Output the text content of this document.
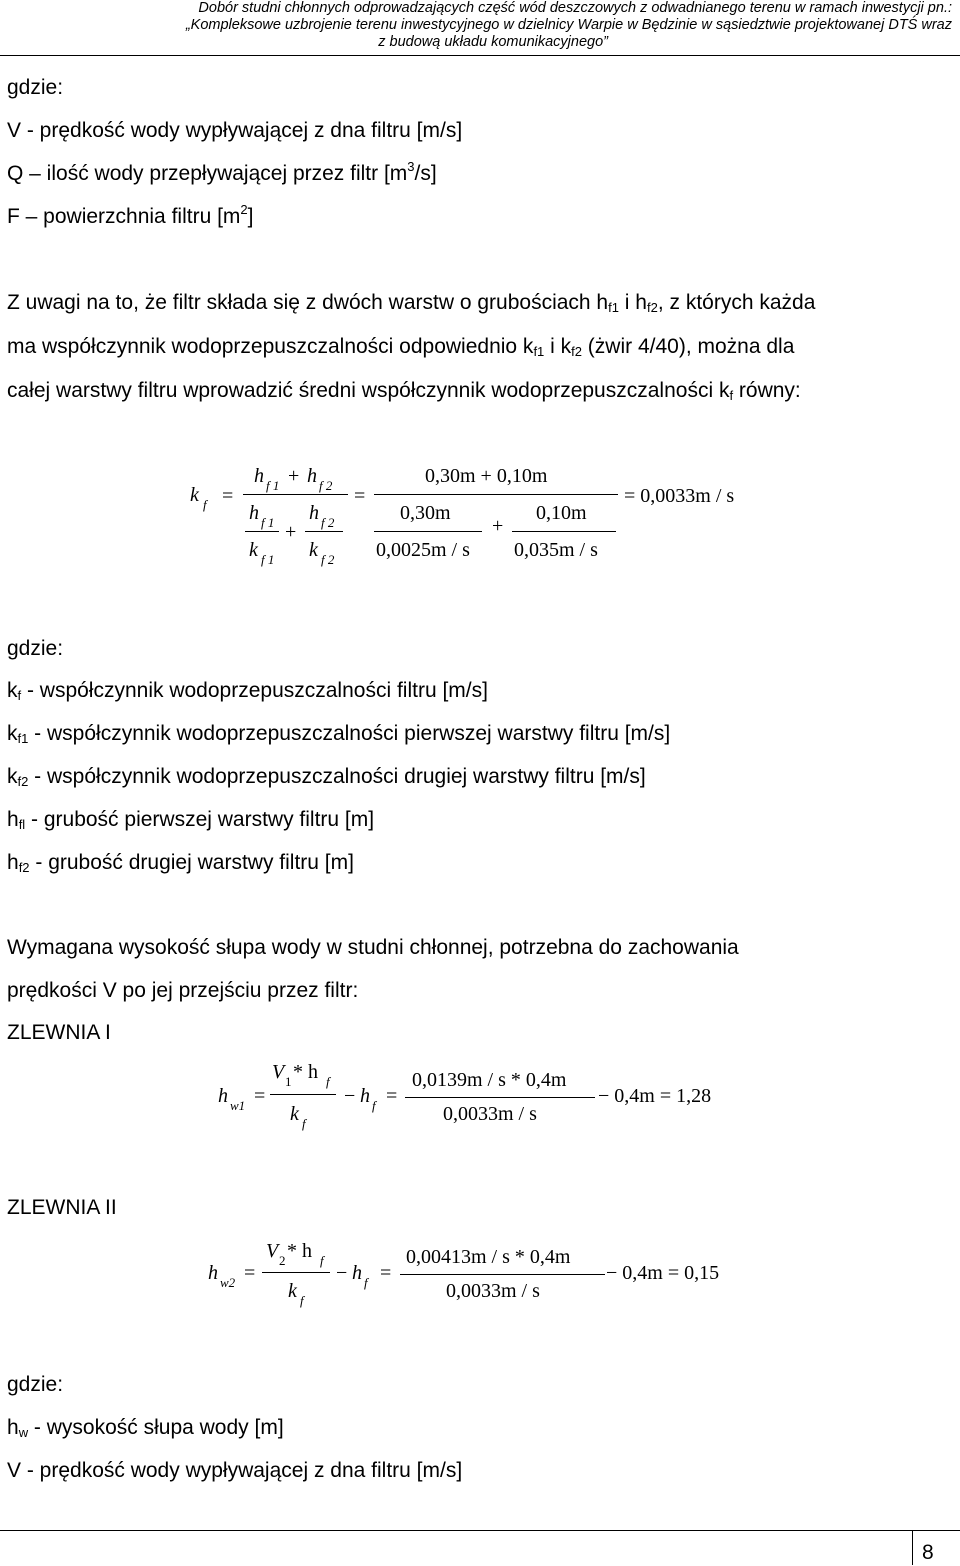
Dobór studni chłonnych odprowadzających część wód deszczowych z odwadnianego terenu w ramach inwestycji pn.:
„Kompleksowe uzbrojenie terenu inwestycyjnego w dzielnicy Warpie w Będzinie w sąsiedztwie projektowanej DTŚ wraz
z budową układu komunikacyjnego”
gdzie:
V - prędkość wody wypływającej z dna filtru [m/s]
Q – ilość wody przepływającej przez filtr $[m^3/s]$
F – powierzchnia filtru $[m^2]$
Z uwagi na to, że filtr składa się z dwóch warstw o grubościach $h_{f1}$ i $h_{f2}$, z których każda
ma współczynnik wodoprzepuszczalności odpowiednio $k_{f1}$ i $k_{f2}$ (żwir 4/40), można dla
całej warstwy filtru wprowadzić średni współczynnik wodoprzepuszczalności $k_f$ równy:
k f =
h f 1 + h f 2
h f 1
k f 1
+
h f 2
k f 2
=
0,30m + 0,10m
0,30m
0,0025m / s
+
0,10m
0,035m / s
= 0,0033m / s
gdzie:
$k_f$ - współczynnik wodoprzepuszczalności filtru [m/s]
$k_{f1}$ - współczynnik wodoprzepuszczalności pierwszej warstwy filtru [m/s]
$k_{f2}$ - współczynnik wodoprzepuszczalności drugiej warstwy filtru [m/s]
$h_{fl}$ - grubość pierwszej warstwy filtru [m]
$h_{f2}$ - grubość drugiej warstwy filtru [m]
Wymagana wysokość słupa wody w studni chłonnej, potrzebna do zachowania
prędkości V po jej przejściu przez filtr:
ZLEWNIA I
h w1 =
V 1 * h f
k f
− h f =
0,0139m / s * 0,4m
0,0033m / s
− 0,4m = 1,28
ZLEWNIA II
h w2 =
V 2 * h f
k f
− h f =
0,00413m / s * 0,4m
0,0033m / s
− 0,4m = 0,15
gdzie:
$h_w$ - wysokość słupa wody [m]
V - prędkość wody wypływającej z dna filtru [m/s]
8
